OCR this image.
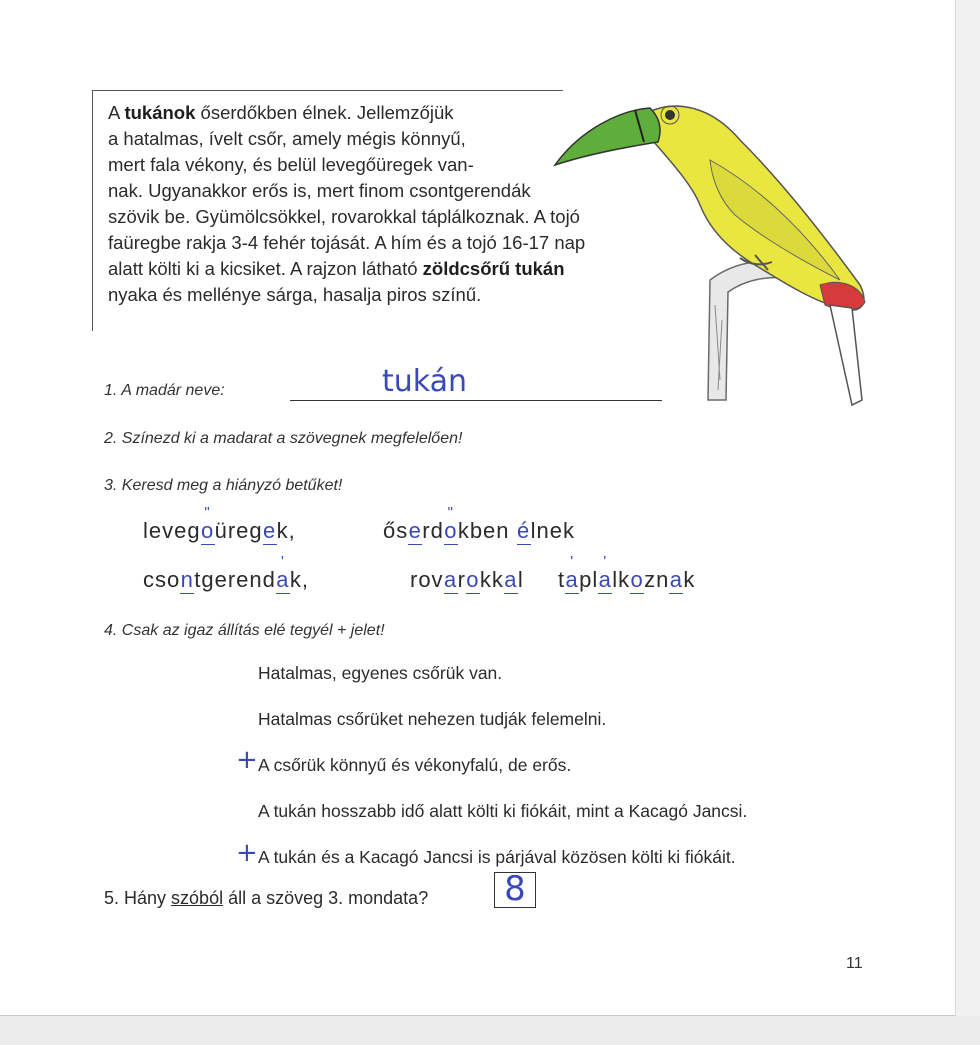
A tukánok őserdőkben élnek. Jellemzőjük

a hatalmas, ívelt csőr, amely mégis könnyű,

mert fala vékony, és belül levegőüregek van-

nak. Ugyanakkor erős is, mert finom csontgerendák

szövik be. Gyümölcsökkel, rovarokkal táplálkoznak. A tojó

faüregbe rakja 3-4 fehér tojását. A hím és a tojó 16-17 nap

alatt költi ki a kicsiket. A rajzon látható zöldcsőrű tukán

nyaka és mellénye sárga, hasalja piros színű.

1. A madár neve:	tukán
2. Színezd ki a madarat a szövegnek megfelelően!
3. Keresd meg a hiányzó betűket!
levego
"
üregek,	őserdo
"
kben élnek
csontgerenda
'
k,	rovarokkal ta
'
pla
'
lkoznak
4. Csak az igaz állítás elé tegyél + jelet!
Hatalmas, egyenes csőrük van.
Hatalmas csőrüket nehezen tudják felemelni.
+ A csőrük könnyű és vékonyfalú, de erős.
A tukán hosszabb idő alatt költi ki fiókáit, mint a Kacagó Jancsi.
+ A tukán és a Kacagó Jancsi is párjával közösen költi ki fiókáit.
5. Hány szóból áll a szöveg 3. mondata? 8
11
